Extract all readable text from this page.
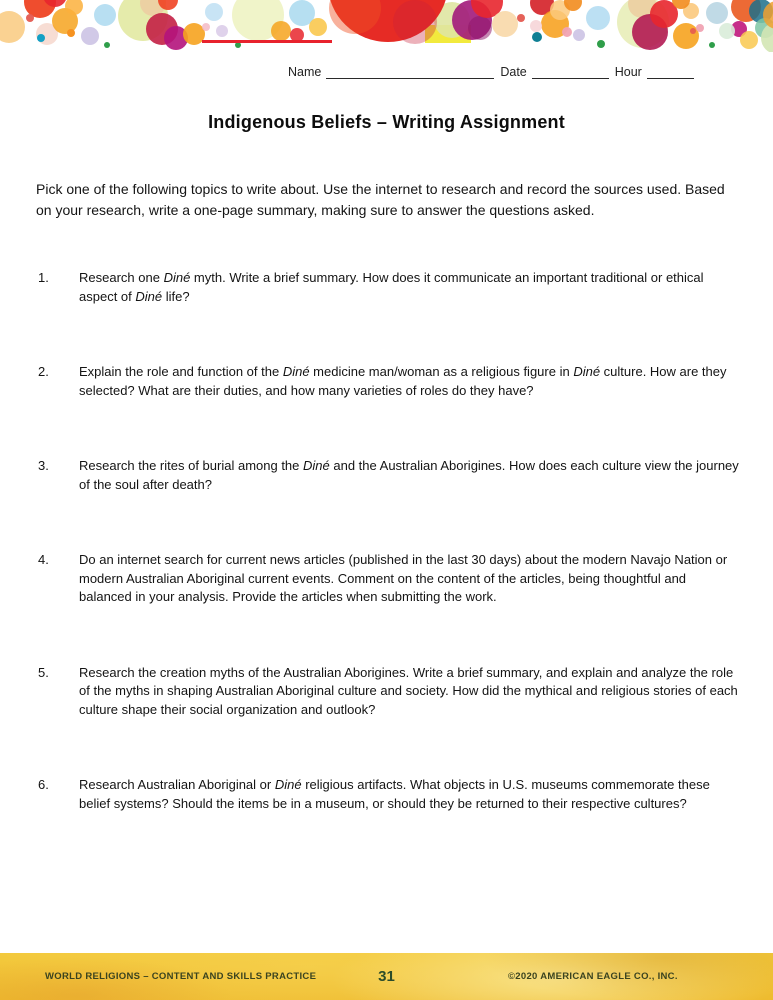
Name	Date	Hour
Indigenous Beliefs – Writing Assignment

Pick one of the following topics to write about. Use the internet to research and record the sources used. Based on your research, write a one-page summary, making sure to answer the questions asked.

1.	Research one Diné myth. Write a brief summary. How does it communicate an important traditional or ethical aspect of Diné life?
2.	Explain the role and function of the Diné medicine man/woman as a religious figure in Diné culture. How are they selected? What are their duties, and how many varieties of roles do they have?
3.	Research the rites of burial among the Diné and the Australian Aborigines. How does each culture view the journey of the soul after death?
4.	Do an internet search for current news articles (published in the last 30 days) about the modern Navajo Nation or modern Australian Aboriginal current events. Comment on the content of the articles, being thoughtful and balanced in your analysis. Provide the articles when submitting the work.
5.	Research the creation myths of the Australian Aborigines. Write a brief summary, and explain and analyze the role of the myths in shaping Australian Aboriginal culture and society. How did the mythical and religious stories of each culture shape their social organization and outlook?
6.	Research Australian Aboriginal or Diné religious artifacts. What objects in U.S. museums commemorate these belief systems? Should the items be in a museum, or should they be returned to their respective cultures?
WORLD RELIGIONS – CONTENT AND SKILLS PRACTICE	31	©2020 AMERICAN EAGLE CO., INC.
